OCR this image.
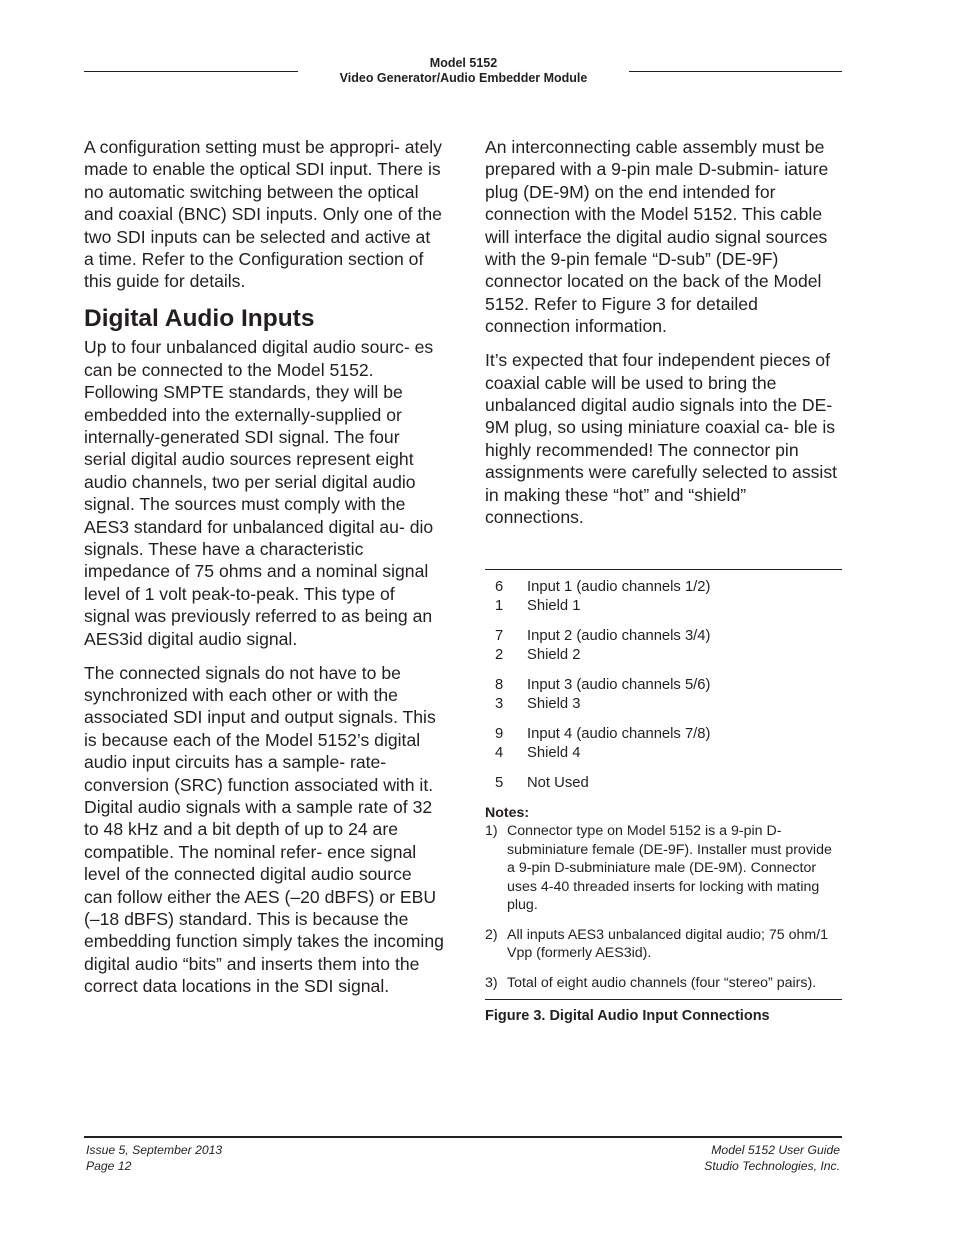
Model 5152
Video Generator/Audio Embedder Module

A configuration setting must be appropri- ately made to enable the optical SDI input. There is no automatic switching between the optical and coaxial (BNC) SDI inputs. Only one of the two SDI inputs can be selected and active at a time. Refer to the Configuration section of this guide for details.

Digital Audio Inputs

Up to four unbalanced digital audio sourc- es can be connected to the Model 5152. Following SMPTE standards, they will be embedded into the externally-supplied or internally-generated SDI signal. The four serial digital audio sources represent eight audio channels, two per serial digital audio signal. The sources must comply with the AES3 standard for unbalanced digital au- dio signals. These have a characteristic impedance of 75 ohms and a nominal signal level of 1 volt peak-to-peak. This type of signal was previously referred to as being an AES3id digital audio signal.

The connected signals do not have to be synchronized with each other or with the associated SDI input and output signals. This is because each of the Model 5152’s digital audio input circuits has a sample- rate-conversion (SRC) function associated with it. Digital audio signals with a sample rate of 32 to 48 kHz and a bit depth of up to 24 are compatible. The nominal refer- ence signal level of the connected digital audio source can follow either the AES (–20 dBFS) or EBU (–18 dBFS) standard. This is because the embedding function simply takes the incoming digital audio “bits” and inserts them into the correct data locations in the SDI signal.

An interconnecting cable assembly must be prepared with a 9-pin male D-submin- iature plug (DE-9M) on the end intended for connection with the Model 5152. This cable will interface the digital audio signal sources with the 9-pin female “D-sub” (DE-9F) connector located on the back of the Model 5152. Refer to Figure 3 for detailed connection information.

It’s expected that four independent pieces of coaxial cable will be used to bring the unbalanced digital audio signals into the DE-9M plug, so using miniature coaxial ca- ble is highly recommended! The connector pin assignments were carefully selected to assist in making these “hot” and “shield” connections.

6	Input 1 (audio channels 1/2)
1	Shield 1
7	Input 2 (audio channels 3/4)
2	Shield 2
8	Input 3 (audio channels 5/6)
3	Shield 3
9	Input 4 (audio channels 7/8)
4	Shield 4
5	Not Used
Notes:
1) Connector type on Model 5152 is a 9-pin D-subminiature female (DE-9F). Installer must provide a 9-pin D-subminiature male (DE-9M). Connector uses 4-40 threaded inserts for locking with mating plug.
2) All inputs AES3 unbalanced digital audio; 75 ohm/1 Vpp (formerly AES3id).
3) Total of eight audio channels (four “stereo” pairs).
Figure 3. Digital Audio Input Connections
Issue 5, September 2013
Page 12
Model 5152 User Guide
Studio Technologies, Inc.
